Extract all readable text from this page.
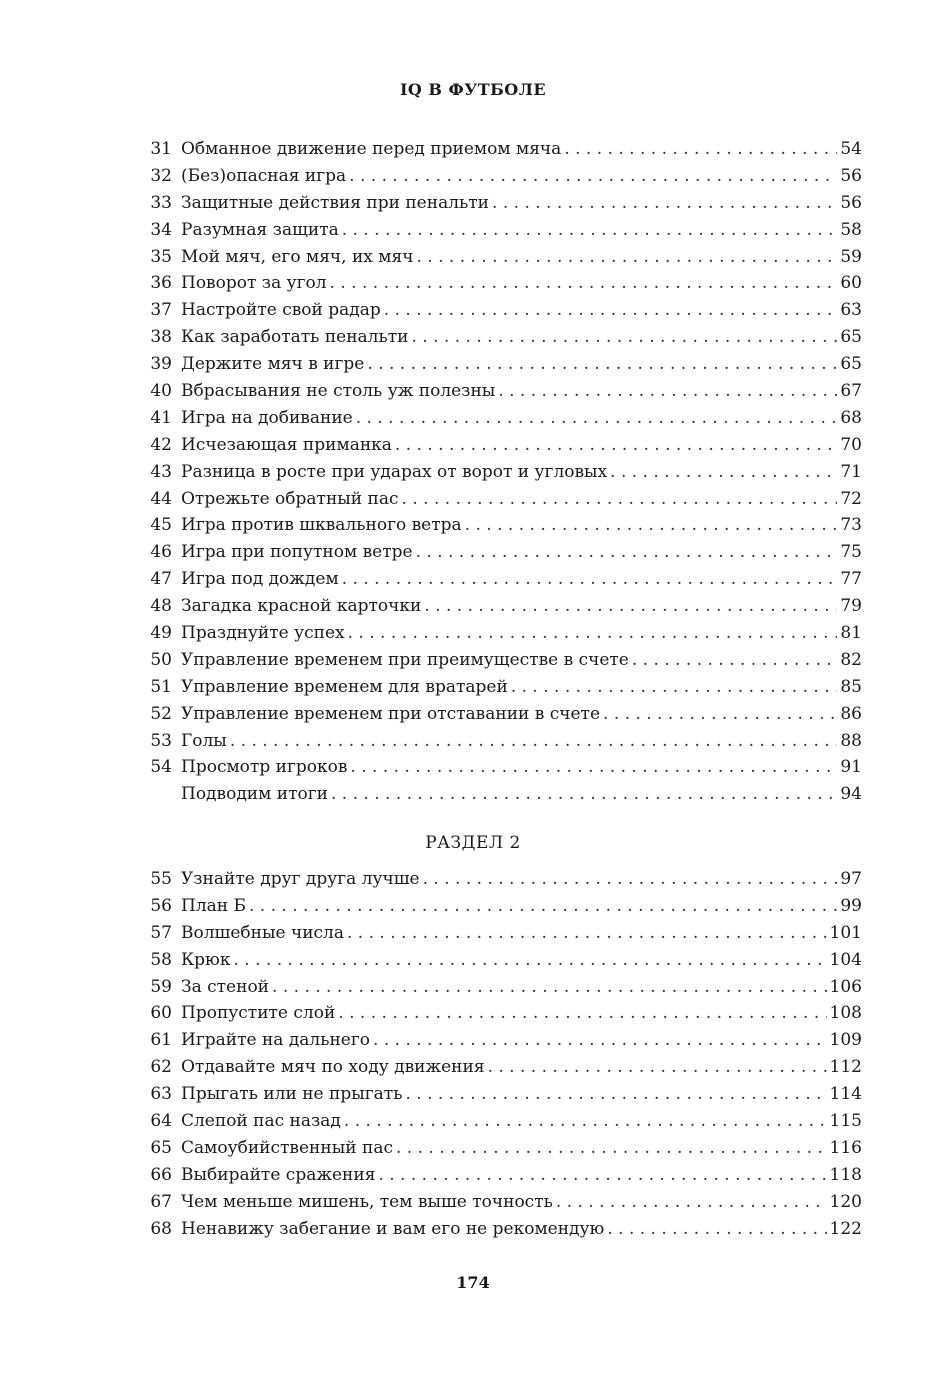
IQ В ФУТБОЛЕ
31 Обманное движение перед приемом мяча . . .	54
32 (Без)опасная игра . . .	56
33 Защитные действия при пенальти . . .	56
34 Разумная защита . . .	58
35 Мой мяч, его мяч, их мяч . . .	59
36 Поворот за угол . . .	60
37 Настройте свой радар . . .	63
38 Как заработать пенальти . . .	65
39 Держите мяч в игре . . .	65
40 Вбрасывания не столь уж полезны . . .	67
41 Игра на добивание . . .	68
42 Исчезающая приманка . . .	70
43 Разница в росте при ударах от ворот и угловых . . .	71
44 Отрежьте обратный пас . . .	72
45 Игра против шквального ветра . . .	73
46 Игра при попутном ветре . . .	75
47 Игра под дождем . . .	77
48 Загадка красной карточки . . .	79
49 Празднуйте успех . . .	81
50 Управление временем при преимуществе в счете . . .	82
51 Управление временем для вратарей . . .	85
52 Управление временем при отставании в счете . . .	86
53 Голы . . .	88
54 Просмотр игроков . . .	91
Подводим итоги . . .	94
РАЗДЕЛ 2
55 Узнайте друг друга лучше . . .	97
56 План Б . . .	99
57 Волшебные числа . . .	101
58 Крюк . . .	104
59 За стеной . . .	106
60 Пропустите слой . . .	108
61 Играйте на дальнего . . .	109
62 Отдавайте мяч по ходу движения . . .	112
63 Прыгать или не прыгать . . .	114
64 Слепой пас назад . . .	115
65 Самоубийственный пас . . .	116
66 Выбирайте сражения . . .	118
67 Чем меньше мишень, тем выше точность . . .	120
68 Ненавижу забегание и вам его не рекомендую . . .	122
174
